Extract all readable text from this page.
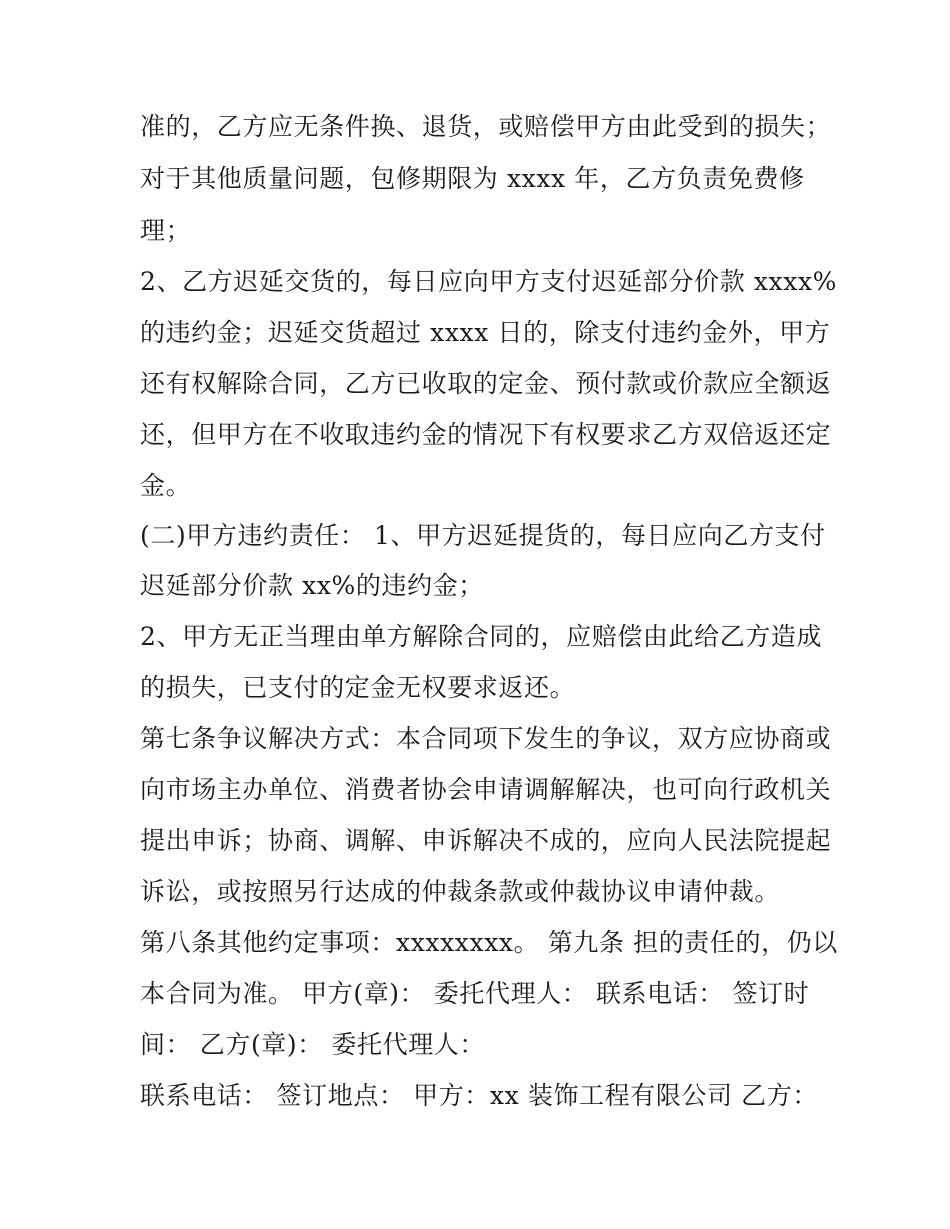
准的，乙方应无条件换、退货，或赔偿甲方由此受到的损失；
对于其他质量问题，包修期限为 xxxx 年，乙方负责免费修
理；
2、乙方迟延交货的，每日应向甲方支付迟延部分价款 xxxx%
的违约金；迟延交货超过 xxxx 日的，除支付违约金外，甲方
还有权解除合同，乙方已收取的定金、预付款或价款应全额返
还，但甲方在不收取违约金的情况下有权要求乙方双倍返还定
金。
(二)甲方违约责任： 1、甲方迟延提货的，每日应向乙方支付
迟延部分价款 xx%的违约金；
2、甲方无正当理由单方解除合同的，应赔偿由此给乙方造成
的损失，已支付的定金无权要求返还。
第七条争议解决方式：本合同项下发生的争议，双方应协商或
向市场主办单位、消费者协会申请调解解决，也可向行政机关
提出申诉；协商、调解、申诉解决不成的，应向人民法院提起
诉讼，或按照另行达成的仲裁条款或仲裁协议申请仲裁。
第八条其他约定事项：xxxxxxxx。 第九条 担的责任的，仍以
本合同为准。 甲方(章)： 委托代理人： 联系电话： 签订时
间： 乙方(章)： 委托代理人：
联系电话： 签订地点： 甲方：xx 装饰工程有限公司 乙方：
